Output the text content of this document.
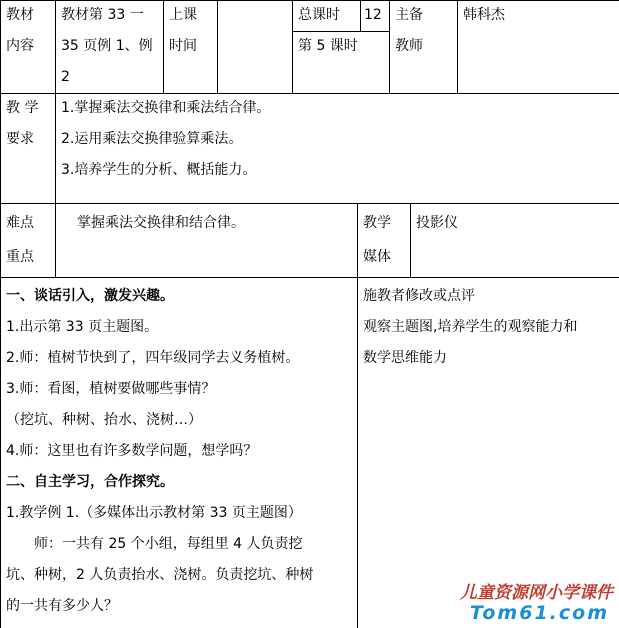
教材
内容
教材第 33 一
35 页例 1、例
2
上课
时间
总课时	12
第 5 课时
主备
教师
韩科杰
教 学
要求
1.掌握乘法交换律和乘法结合律。
2.运用乘法交换律验算乘法。
3.培养学生的分析、概括能力。
难点
重点
掌握乘法交换律和结合律。	教学
媒体
投影仪
一、谈话引入，激发兴趣。
1.出示第 33 页主题图。
2.师：植树节快到了，四年级同学去义务植树。
3.师：看图，植树要做哪些事情？
（挖坑、种树、抬水、浇树…）
4.师：这里也有许多数学问题，想学吗？
二、自主学习，合作探究。
1.教学例 1.（多媒体出示教材第 33 页主题图）
　　师：一共有 25 个小组，每组里 4 人负责挖
坑、种树，2 人负责抬水、浇树。负责挖坑、种树
的一共有多少人？
施教者修改或点评
观察主题图,培养学生的观察能力和
数学思维能力
儿童资源网小学课件
Tom61.com
